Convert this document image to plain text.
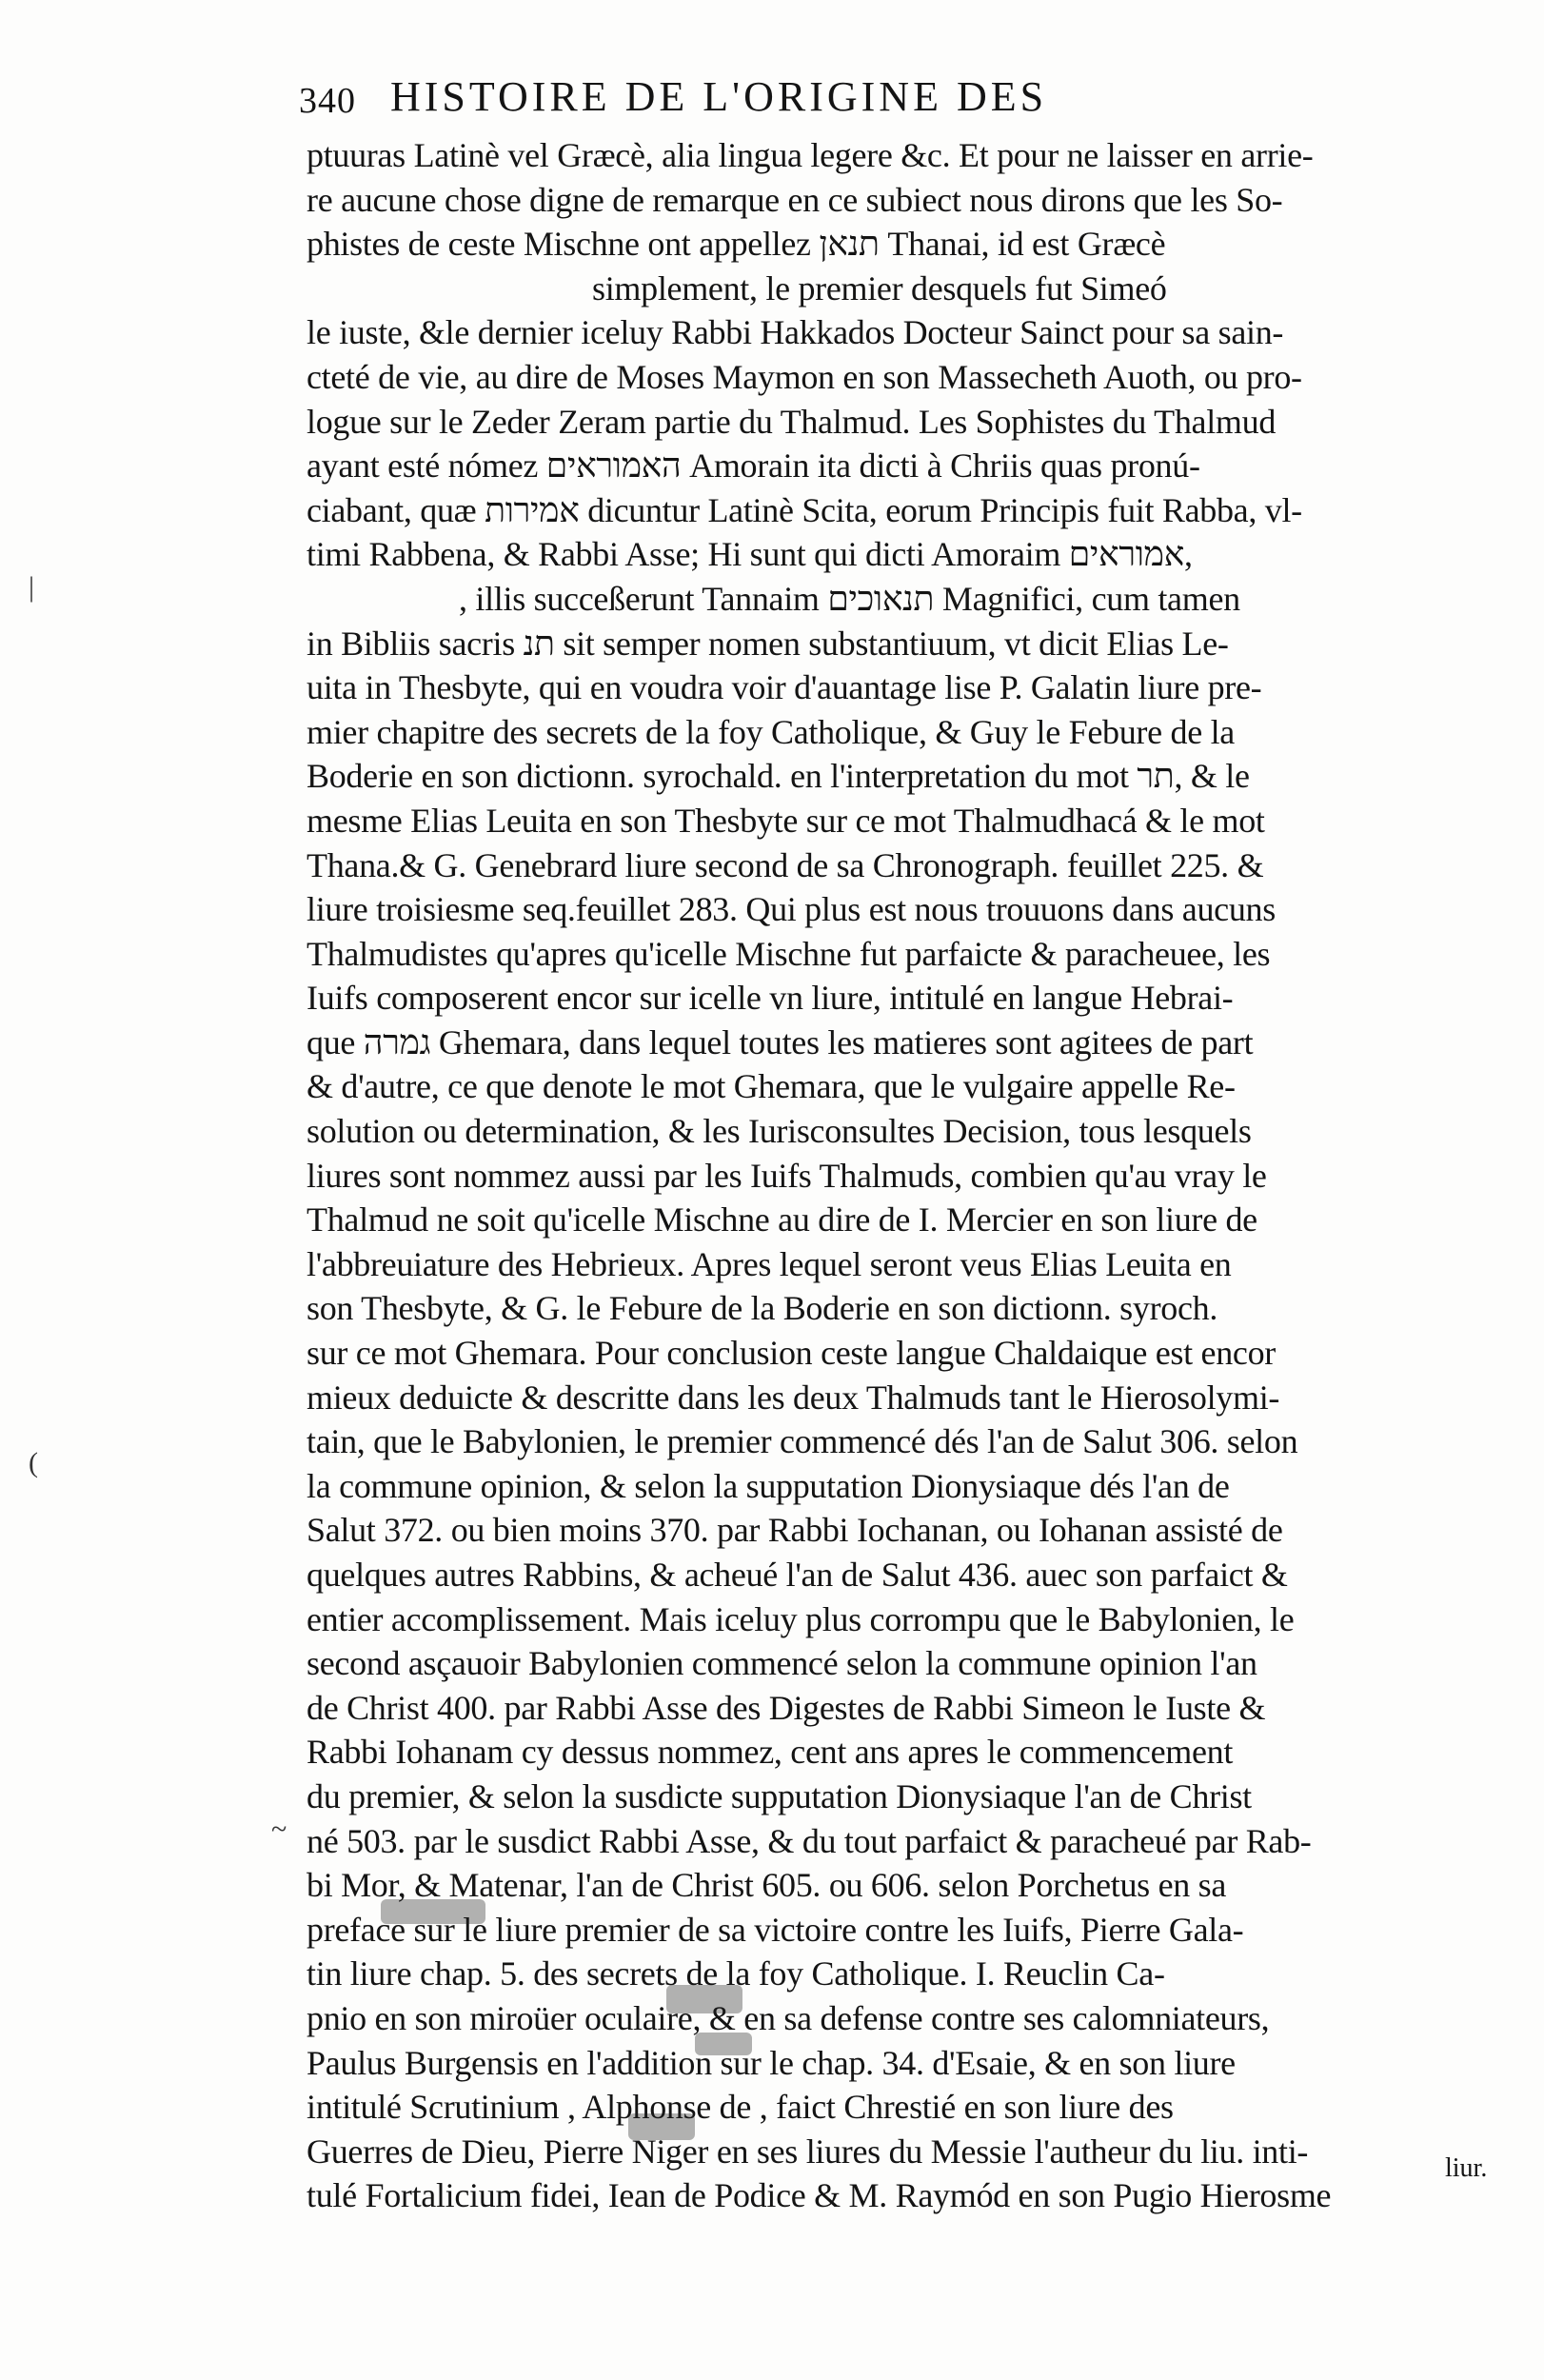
340 HISTOIRE DE L'ORIGINE DES
ptuuras Latinè vel Græcè, alia lingua legere &c. Et pour ne laisser en arrie-
re aucune chose digne de remarque en ce subiect nous dirons que les So-
phistes de ceste Mischne ont appellez תנאן Thanai, id est Græcè
simplement, le premier desquels fut Simeó
le iuste, &le dernier iceluy Rabbi Hakkados Docteur Sainct pour sa sain-
cteté de vie, au dire de Moses Maymon en son Massecheth Auoth, ou pro-
logue sur le Zeder Zeram partie du Thalmud. Les Sophistes du Thalmud
ayant esté nómez האמוראים Amorain ita dicti à Chriis quas pronú-
ciabant, quæ אמירות dicuntur Latinè Scita, eorum Principis fuit Rabba, vl-
timi Rabbena, & Rabbi Asse; Hi sunt qui dicti Amoraim אמוראים,
, illis succeßerunt Tannaim תנאוכים Magnifici, cum tamen
in Bibliis sacris תנ sit semper nomen substantiuum, vt dicit Elias Le-
uita in Thesbyte, qui en voudra voir d'auantage lise P. Galatin liure pre-
mier chapitre des secrets de la foy Catholique, & Guy le Febure de la
Boderie en son dictionn. syrochald. en l'interpretation du mot תר, & le
mesme Elias Leuita en son Thesbyte sur ce mot Thalmudhacá & le mot
Thana.& G. Genebrard liure second de sa Chronograph. feuillet 225. &
liure troisiesme seq.feuillet 283. Qui plus est nous trouuons dans aucuns
Thalmudistes qu'apres qu'icelle Mischne fut parfaicte & paracheuee, les
Iuifs composerent encor sur icelle vn liure, intitulé en langue Hebrai-
que גמרה Ghemara, dans lequel toutes les matieres sont agitees de part
& d'autre, ce que denote le mot Ghemara, que le vulgaire appelle Re-
solution ou determination, & les Iurisconsultes Decision, tous lesquels
liures sont nommez aussi par les Iuifs Thalmuds, combien qu'au vray le
Thalmud ne soit qu'icelle Mischne au dire de I. Mercier en son liure de
l'abbreuiature des Hebrieux. Apres lequel seront veus Elias Leuita en
son Thesbyte, & G. le Febure de la Boderie en son dictionn. syroch.
sur ce mot Ghemara. Pour conclusion ceste langue Chaldaique est encor
mieux deduicte & descritte dans les deux Thalmuds tant le Hierosolymi-
tain, que le Babylonien, le premier commencé dés l'an de Salut 306. selon
la commune opinion, & selon la supputation Dionysiaque dés l'an de
Salut 372. ou bien moins 370. par Rabbi Iochanan, ou Iohanan assisté de
quelques autres Rabbins, & acheué l'an de Salut 436. auec son parfaict &
entier accomplissement. Mais iceluy plus corrompu que le Babylonien, le
second asçauoir Babylonien commencé selon la commune opinion l'an
de Christ 400. par Rabbi Asse des Digestes de Rabbi Simeon le Iuste &
Rabbi Iohanam cy dessus nommez, cent ans apres le commencement
du premier, & selon la susdicte supputation Dionysiaque l'an de Christ
né 503. par le susdict Rabbi Asse, & du tout parfaict & paracheué par Rab-
bi Mor, & Matenar, l'an de Christ 605. ou 606. selon Porchetus en sa
preface sur le liure premier de sa victoire contre les Iuifs, Pierre Gala-
tin liure chap. 5. des secrets de la foy Catholique. I. Reuclin Ca-
pnio en son miroüer oculaire, & en sa defense contre ses calomniateurs,
Paulus Burgensis en l'addition sur le chap. 34. d'Esaie, & en son liure
intitulé Scrutinium , Alphonse de , faict Chrestié en son liure des
Guerres de Dieu, Pierre Niger en ses liures du Messie l'autheur du liu. inti-
tulé Fortalicium fidei, Iean de Podice & M. Raymód en son Pugio Hierosme
liur.
|
(
~
